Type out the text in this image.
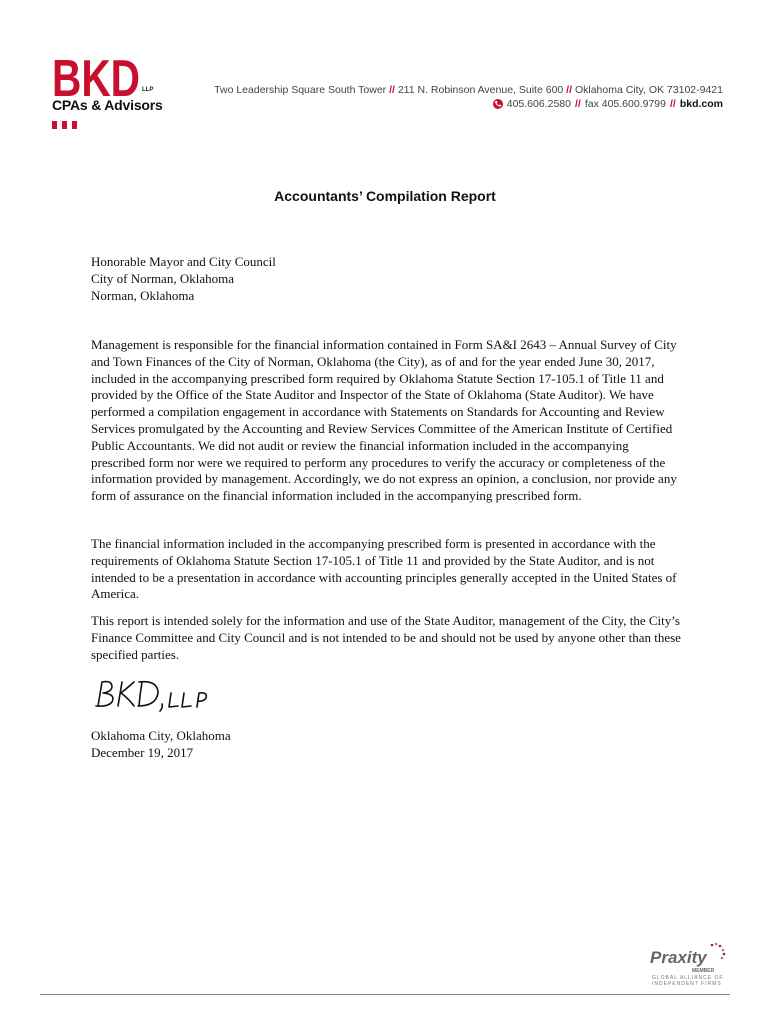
BKD LLP
CPAs & Advisors
Two Leadership Square South Tower // 211 N. Robinson Avenue, Suite 600 // Oklahoma City, OK 73102-9421
405.606.2580 // fax 405.600.9799 // bkd.com
Accountants’ Compilation Report
Honorable Mayor and City Council
City of Norman, Oklahoma
Norman, Oklahoma
Management is responsible for the financial information contained in Form SA&I 2643 – Annual Survey of City and Town Finances of the City of Norman, Oklahoma (the City), as of and for the year ended June 30, 2017, included in the accompanying prescribed form required by Oklahoma Statute Section 17-105.1 of Title 11 and provided by the Office of the State Auditor and Inspector of the State of Oklahoma (State Auditor). We have performed a compilation engagement in accordance with Statements on Standards for Accounting and Review Services promulgated by the Accounting and Review Services Committee of the American Institute of Certified Public Accountants. We did not audit or review the financial information included in the accompanying prescribed form nor were we required to perform any procedures to verify the accuracy or completeness of the information provided by management. Accordingly, we do not express an opinion, a conclusion, nor provide any form of assurance on the financial information included in the accompanying prescribed form.
The financial information included in the accompanying prescribed form is presented in accordance with the requirements of Oklahoma Statute Section 17-105.1 of Title 11 and provided by the State Auditor, and is not intended to be a presentation in accordance with accounting principles generally accepted in the United States of America.
This report is intended solely for the information and use of the State Auditor, management of the City, the City’s Finance Committee and City Council and is not intended to be and should not be used by anyone other than these specified parties.
Oklahoma City, Oklahoma
December 19, 2017
Praxity
MEMBER
GLOBAL ALLIANCE OF INDEPENDENT FIRMS
